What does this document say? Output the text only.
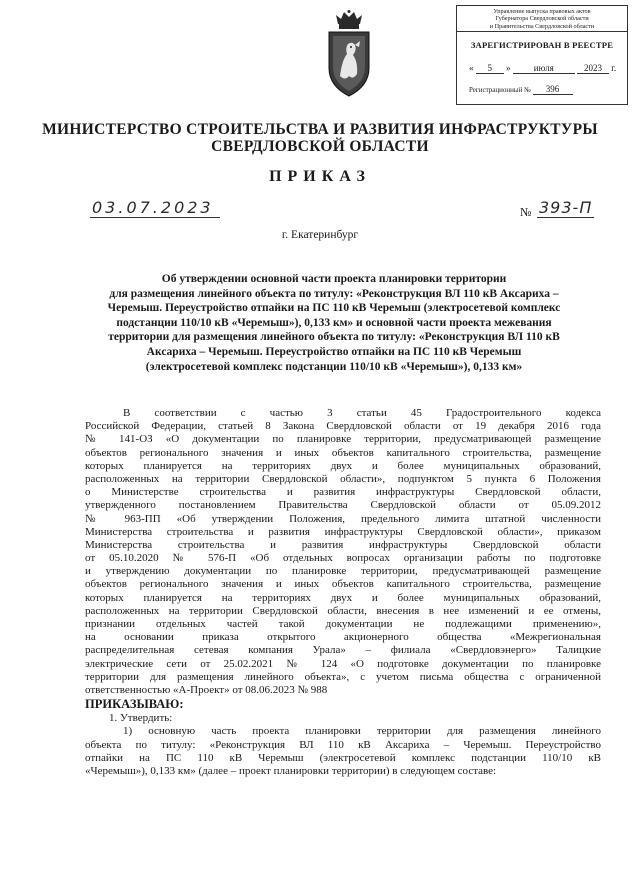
Управление выпуска правовых актов
Губернатора Свердловской области
и Правительства Свердловской области
ЗАРЕГИСТРИРОВАН В РЕЕСТРЕ
« 5 »	июля	2023 г.
Регистрационный № 396
МИНИСТЕРСТВО СТРОИТЕЛЬСТВА И РАЗВИТИЯ ИНФРАСТРУКТУРЫ
СВЕРДЛОВСКОЙ ОБЛАСТИ
ПРИКАЗ
03.07.2023	№ 393-П
г. Екатеринбург
Об утверждении основной части проекта планировки территории
для размещения линейного объекта по титулу: «Реконструкция ВЛ 110 кВ Аксариха –
Черемыш. Переустройство отпайки на ПС 110 кВ Черемыш (электросетевой комплекс
подстанции 110/10 кВ «Черемыш»), 0,133 км» и основной части проекта межевания
территории для размещения линейного объекта по титулу: «Реконструкция ВЛ 110 кВ
Аксариха – Черемыш. Переустройство отпайки на ПС 110 кВ Черемыш
(электросетевой комплекс подстанции 110/10 кВ «Черемыш»), 0,133 км»
В соответствии с частью 3 статьи 45 Градостроительного кодекса
Российской Федерации, статьей 8 Закона Свердловской области от 19 декабря 2016 года
№ 141-ОЗ «О документации по планировке территории, предусматривающей размещение
объектов регионального значения и иных объектов капитального строительства, размещение
которых планируется на территориях двух и более муниципальных образований,
расположенных на территории Свердловской области», подпунктом 5 пункта 6 Положения
о Министерстве строительства и развития инфраструктуры Свердловской области,
утвержденного постановлением Правительства Свердловской области от 05.09.2012
№ 963-ПП «Об утверждении Положения, предельного лимита штатной численности
Министерства строительства и развития инфраструктуры Свердловской области», приказом
Министерства строительства и развития инфраструктуры Свердловской области
от 05.10.2020 № 576-П «Об отдельных вопросах организации работы по подготовке
и утверждению документации по планировке территории, предусматривающей размещение
объектов регионального значения и иных объектов капитального строительства, размещение
которых планируется на территориях двух и более муниципальных образований,
расположенных на территории Свердловской области, внесения в нее изменений и ее отмены,
признании отдельных частей такой документации не подлежащими применению»,
на основании приказа открытого акционерного общества «Межрегиональная
распределительная сетевая компания Урала» – филиала «Свердловэнерго» Талицкие
электрические сети от 25.02.2021 № 124 «О подготовке документации по планировке
территории для размещения линейного объекта», с учетом письма общества с ограниченной
ответственностью «А-Проект» от 08.06.2023 № 988
ПРИКАЗЫВАЮ:
1. Утвердить:
1) основную часть проекта планировки территории для размещения линейного
объекта по титулу: «Реконструкция ВЛ 110 кВ Аксариха – Черемыш. Переустройство
отпайки на ПС 110 кВ Черемыш (электросетевой комплекс подстанции 110/10 кВ
«Черемыш»), 0,133 км» (далее – проект планировки территории) в следующем составе:
